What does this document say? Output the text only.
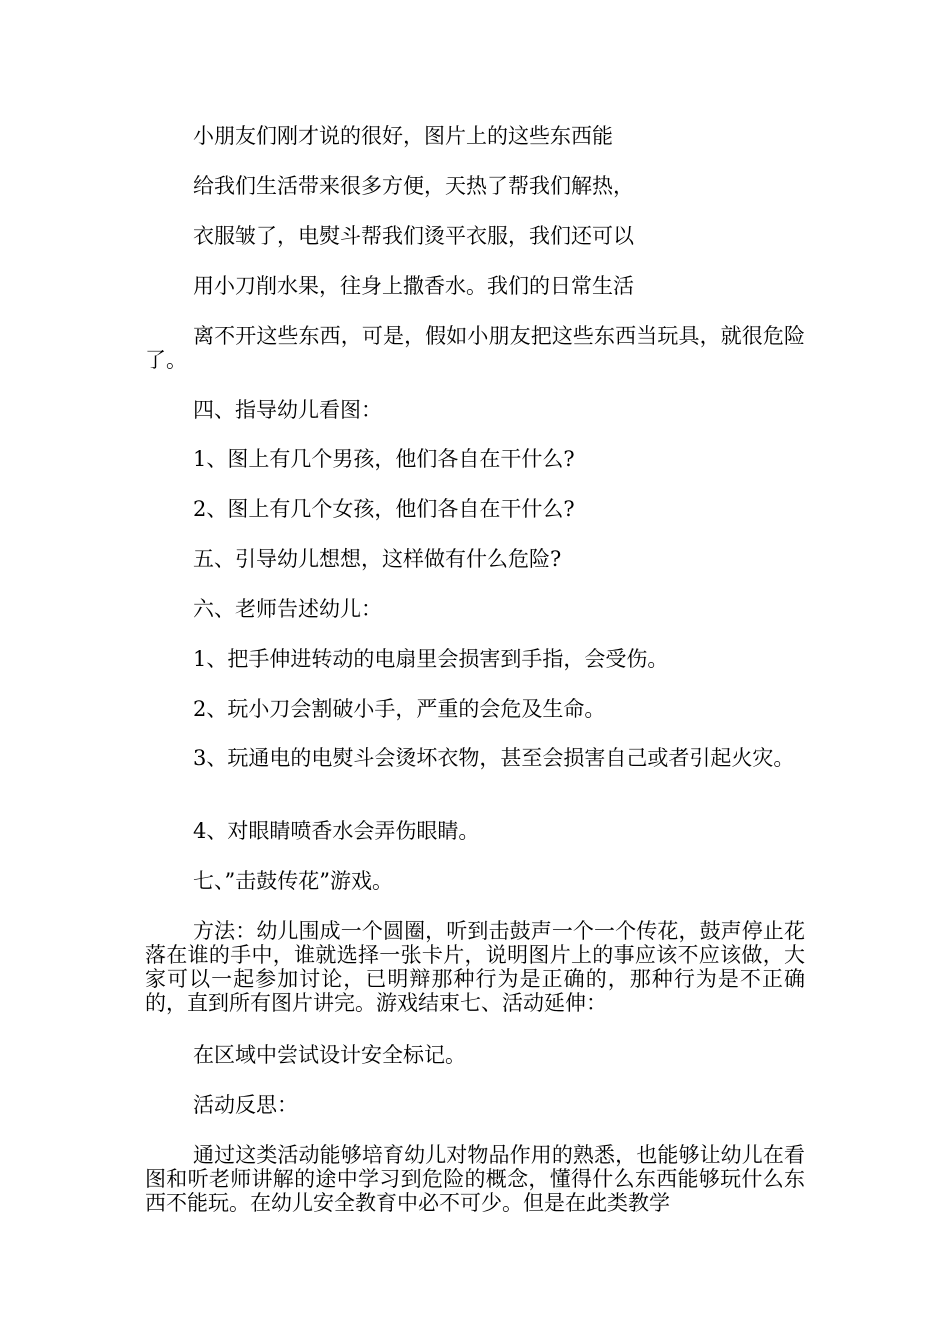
小朋友们刚才说的很好，图片上的这些东西能

给我们生活带来很多方便，天热了帮我们解热，

衣服皱了，电熨斗帮我们烫平衣服，我们还可以

用小刀削水果，往身上撒香水。我们的日常生活

离不开这些东西，可是，假如小朋友把这些东西当玩具，就很危险了。

四、指导幼儿看图：

1、图上有几个男孩，他们各自在干什么?

2、图上有几个女孩，他们各自在干什么?

五、引导幼儿想想，这样做有什么危险?

六、老师告述幼儿：

1、把手伸进转动的电扇里会损害到手指，会受伤。

2、玩小刀会割破小手，严重的会危及生命。

3、玩通电的电熨斗会烫坏衣物，甚至会损害自己或者引起火灾。

4、对眼睛喷香水会弄伤眼睛。

七、”击鼓传花”游戏。

方法：幼儿围成一个圆圈，听到击鼓声一个一个传花，鼓声停止花落在谁的手中，谁就选择一张卡片，说明图片上的事应该不应该做，大家可以一起参加讨论，已明辩那种行为是正确的，那种行为是不正确的，直到所有图片讲完。游戏结束七、活动延伸：

在区域中尝试设计安全标记。

活动反思：

通过这类活动能够培育幼儿对物品作用的熟悉，也能够让幼儿在看图和听老师讲解的途中学习到危险的概念，懂得什么东西能够玩什么东西不能玩。在幼儿安全教育中必不可少。但是在此类教学
